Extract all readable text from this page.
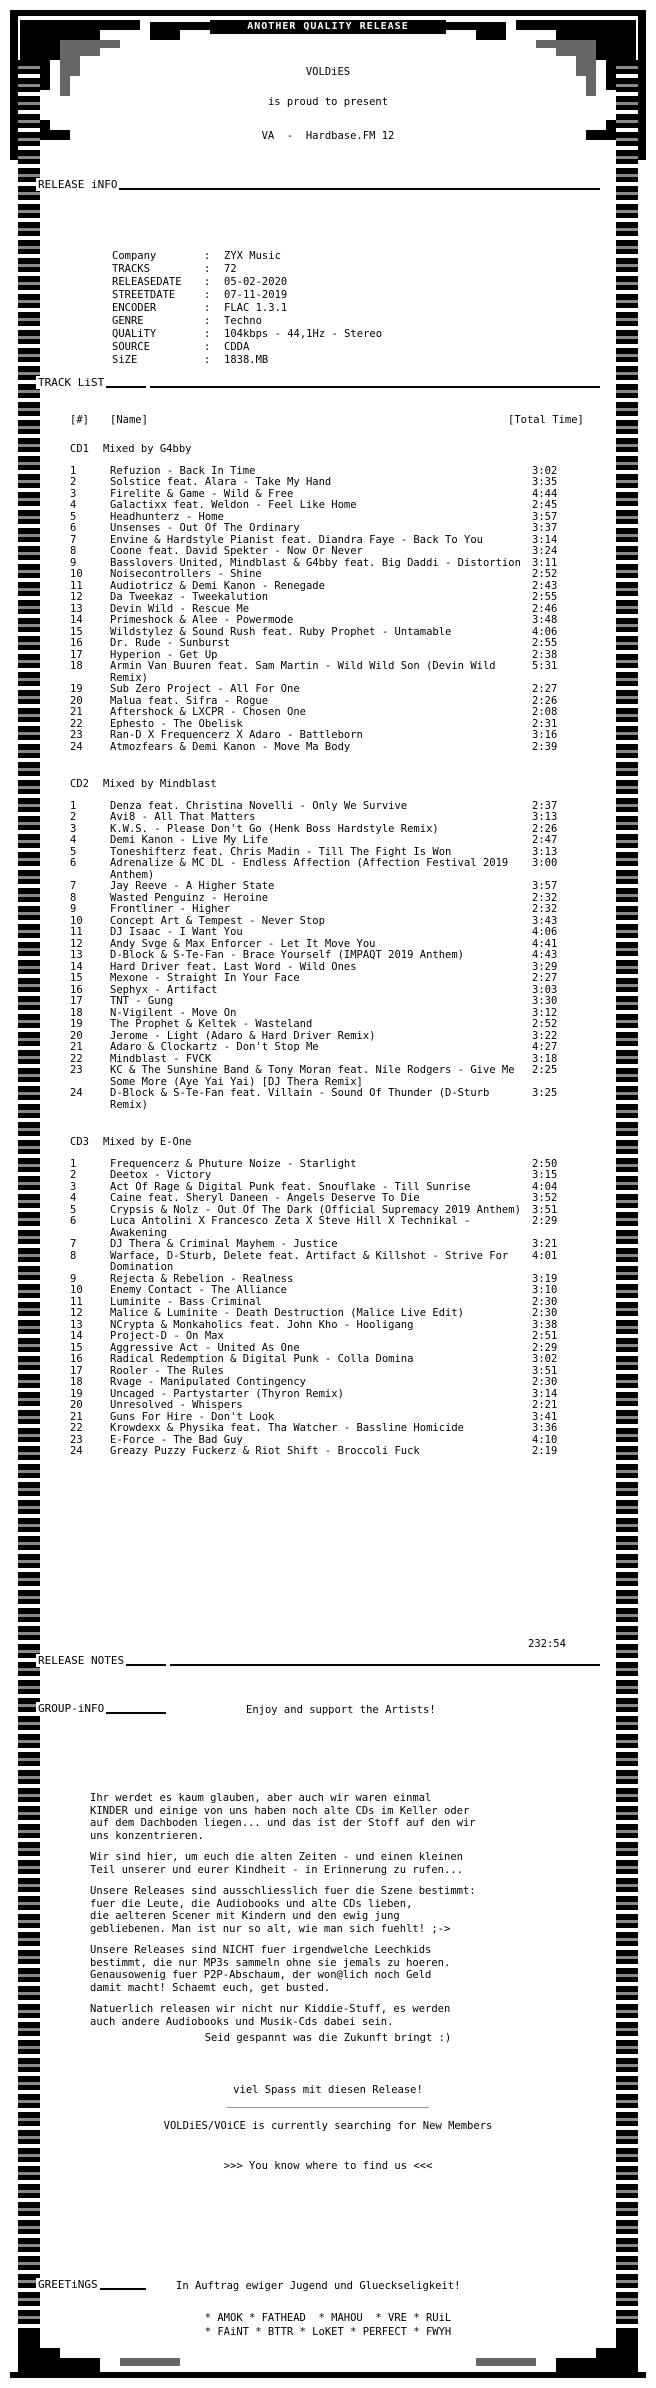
ANOTHER QUALITY RELEASE
VOLDiES
is proud to present
VA  -  Hardbase.FM 12
RELEASE iNFO
Company	:	ZYX Music
TRACKS	:	72
RELEASEDATE	:	05-02-2020
STREETDATE	:	07-11-2019
ENCODER	:	FLAC 1.3.1
GENRE	:	Techno
QUALiTY	:	104kbps - 44,1Hz - Stereo
SOURCE	:	CDDA
SiZE	:	1838.MB
TRACK LiST
[#] [Name]	[Total Time]
CD1 Mixed by G4bby
1	Refuzion - Back In Time	3:02
2	Solstice feat. Alara - Take My Hand	3:35
3	Firelite & Game - Wild & Free	4:44
4	Galactixx feat. Weldon - Feel Like Home	2:45
5	Headhunterz - Home	3:57
6	Unsenses - Out Of The Ordinary	3:37
7	Envine & Hardstyle Pianist feat. Diandra Faye - Back To You	3:14
8	Coone feat. David Spekter - Now Or Never	3:24
9	Basslovers United, Mindblast & G4bby feat. Big Daddi - Distortion	3:11
10	Noisecontrollers - Shine	2:52
11	Audiotricz & Demi Kanon - Renegade	2:43
12	Da Tweekaz - Tweekalution	2:55
13	Devin Wild - Rescue Me	2:46
14	Primeshock & Alee - Powermode	3:48
15	Wildstylez & Sound Rush feat. Ruby Prophet - Untamable	4:06
16	Dr. Rude - Sunburst	2:55
17	Hyperion - Get Up	2:38
18	Armin Van Buuren feat. Sam Martin - Wild Wild Son (Devin Wild Remix)
5:31
19	Sub Zero Project - All For One	2:27
20	Malua feat. Sifra - Rogue	2:26
21	Aftershock & LXCPR - Chosen One	2:08
22	Ephesto - The Obelisk	2:31
23	Ran-D X Frequencerz X Adaro - Battleborn	3:16
24	Atmozfears & Demi Kanon - Move Ma Body	2:39
CD2 Mixed by Mindblast
1	Denza feat. Christina Novelli - Only We Survive	2:37
2	Avi8 - All That Matters	3:13
3	K.W.S. - Please Don't Go (Henk Boss Hardstyle Remix)	2:26
4	Demi Kanon - Live My Life	2:47
5	Toneshifterz feat. Chris Madin - Till The Fight Is Won	3:13
6	Adrenalize & MC DL - Endless Affection (Affection Festival 2019 Anthem)
3:00
7	Jay Reeve - A Higher State	3:57
8	Wasted Penguinz - Heroine	2:32
9	Frontliner - Higher	2:32
10	Concept Art & Tempest - Never Stop	3:43
11	DJ Isaac - I Want You	4:06
12	Andy Svge & Max Enforcer - Let It Move You	4:41
13	D-Block & S-Te-Fan - Brace Yourself (IMPAQT 2019 Anthem)	4:43
14	Hard Driver feat. Last Word - Wild Ones	3:29
15	Mexone - Straight In Your Face	2:27
16	Sephyx - Artifact	3:03
17	TNT - Gung	3:30
18	N-Vigilent - Move On	3:12
19	The Prophet & Keltek - Wasteland	2:52
20	Jerome - Light (Adaro & Hard Driver Remix)	3:22
21	Adaro & Clockartz - Don't Stop Me	4:27
22	Mindblast - FVCK	3:18
23	KC & The Sunshine Band & Tony Moran feat. Nile Rodgers - Give Me Some More (Aye Yai Yai) [DJ Thera Remix]
2:25
24	D-Block & S-Te-Fan feat. Villain - Sound Of Thunder (D-Sturb Remix)
3:25
CD3 Mixed by E-One
1	Frequencerz & Phuture Noize - Starlight	2:50
2	Deetox - Victory	3:15
3	Act Of Rage & Digital Punk feat. Snouflake - Till Sunrise	4:04
4	Caine feat. Sheryl Daneen - Angels Deserve To Die	3:52
5	Crypsis & Nolz - Out Of The Dark (Official Supremacy 2019 Anthem)	3:51
6	Luca Antolini X Francesco Zeta X Steve Hill X Technikal - Awakening
2:29
7	DJ Thera & Criminal Mayhem - Justice	3:21
8	Warface, D-Sturb, Delete feat. Artifact & Killshot - Strive For Domination
4:01
9	Rejecta & Rebelion - Realness	3:19
10	Enemy Contact - The Alliance	3:10
11	Luminite - Bass Criminal	2:30
12	Malice & Luminite - Death Destruction (Malice Live Edit)	2:30
13	NCrypta & Monkaholics feat. John Kho - Hooligang	3:38
14	Project-D - On Max	2:51
15	Aggressive Act - United As One	2:29
16	Radical Redemption & Digital Punk - Colla Domina	3:02
17	Rooler - The Rules	3:51
18	Rvage - Manipulated Contingency	2:30
19	Uncaged - Partystarter (Thyron Remix)	3:14
20	Unresolved - Whispers	2:21
21	Guns For Hire - Don't Look	3:41
22	Krowdexx & Physika feat. Tha Watcher - Bassline Homicide	3:36
23	E-Force - The Bad Guy	4:10
24	Greazy Puzzy Fuckerz & Riot Shift - Broccoli Fuck	2:19
232:54
RELEASE NOTES
GROUP-iNFO	Enjoy and support the Artists!

Ihr werdet es kaum glauben, aber auch wir waren einmal
KINDER und einige von uns haben noch alte CDs im Keller oder
auf dem Dachboden liegen... und das ist der Stoff auf den wir
uns konzentrieren.

Wir sind hier, um euch die alten Zeiten - und einen kleinen
Teil unserer und eurer Kindheit - in Erinnerung zu rufen...

Unsere Releases sind ausschliesslich fuer die Szene bestimmt:
fuer die Leute, die Audiobooks und alte CDs lieben,
die aelteren Scener mit Kindern und den ewig jung
gebliebenen. Man ist nur so alt, wie man sich fuehlt! ;->

Unsere Releases sind NICHT fuer irgendwelche Leechkids
bestimmt, die nur MP3s sammeln ohne sie jemals zu hoeren.
Genausowenig fuer P2P-Abschaum, der won@lich noch Geld
damit macht! Schaemt euch, get busted.

Natuerlich releasen wir nicht nur Kiddie-Stuff, es werden
auch andere Audiobooks und Musik-Cds dabei sein.

Seid gespannt was die Zukunft bringt :)
viel Spass mit diesen Release!
________________________________
VOLDiES/VOiCE is currently searching for New Members
>>> You know where to find us <<<
GREETiNGS	In Auftrag ewiger Jugend und Glueckseligkeit!
* AMOK * FATHEAD  * MAHOU  * VRE * RUiL
* FAiNT * BTTR * LoKET * PERFECT * FWYH
